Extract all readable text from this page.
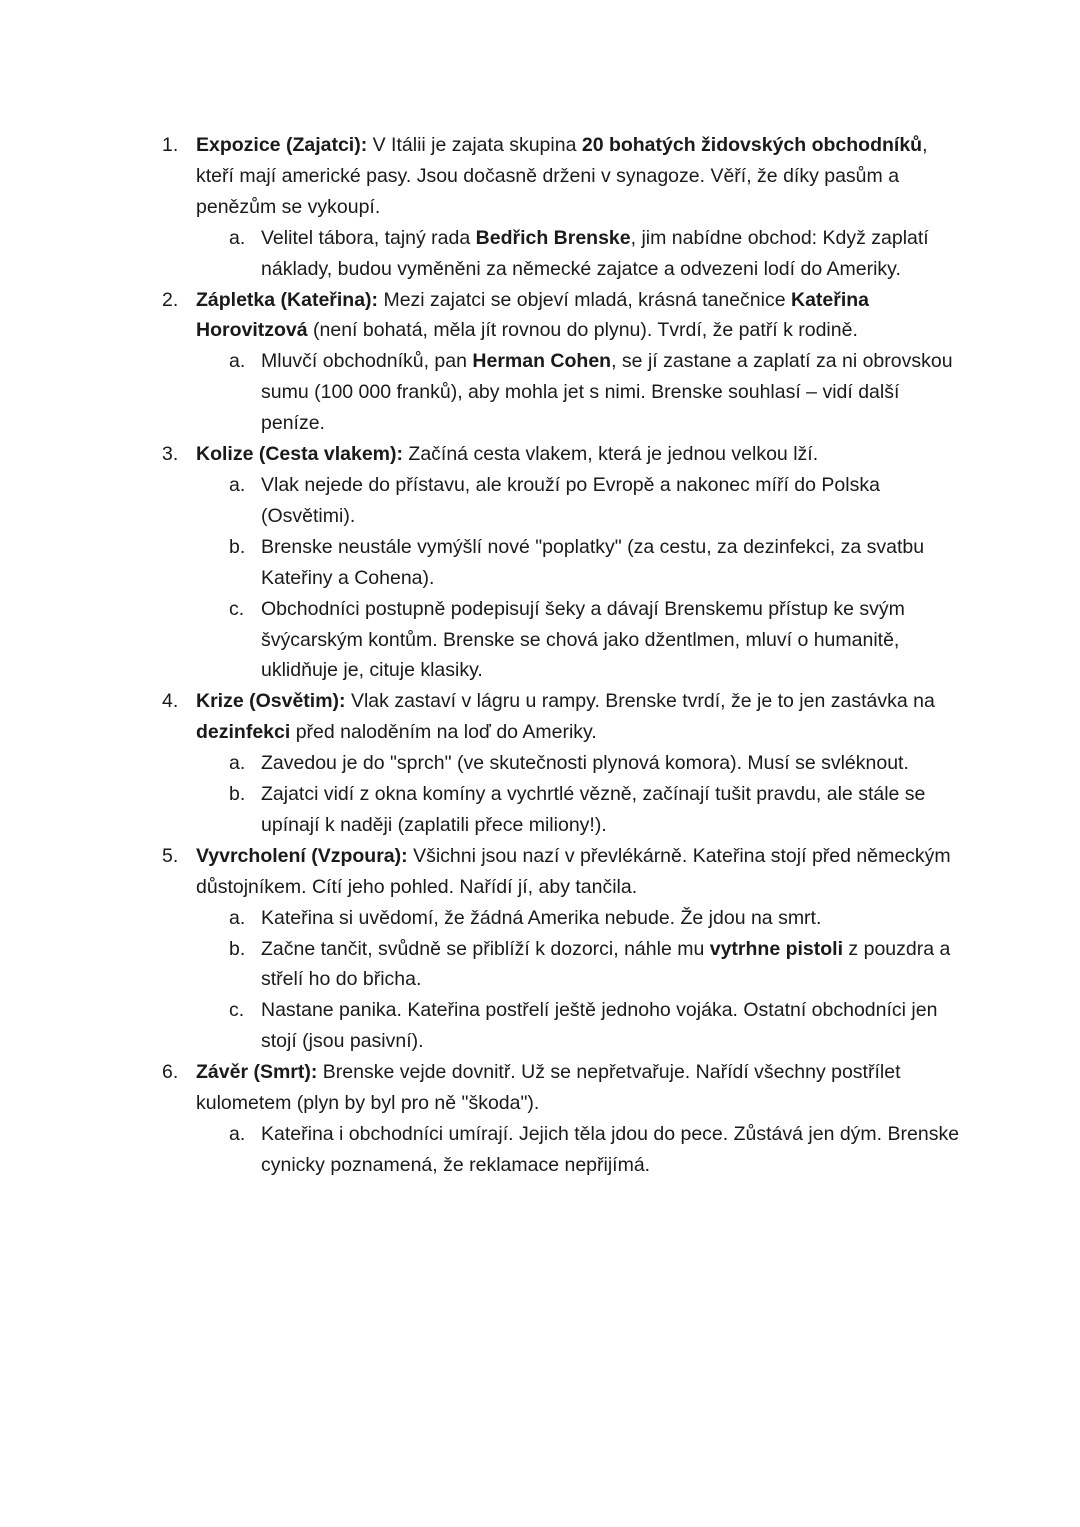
1. Expozice (Zajatci): V Itálii je zajata skupina 20 bohatých židovských obchodníků, kteří mají americké pasy. Jsou dočasně drženi v synagoze. Věří, že díky pasům a penězům se vykoupí.
a. Velitel tábora, tajný rada Bedřich Brenske, jim nabídne obchod: Když zaplatí náklady, budou vyměněni za německé zajatce a odvezeni lodí do Ameriky.
2. Zápletka (Kateřina): Mezi zajatci se objeví mladá, krásná tanečnice Kateřina Horovitzová (není bohatá, měla jít rovnou do plynu). Tvrdí, že patří k rodině.
a. Mluvčí obchodníků, pan Herman Cohen, se jí zastane a zaplatí za ni obrovskou sumu (100 000 franků), aby mohla jet s nimi. Brenske souhlasí – vidí další peníze.
3. Kolize (Cesta vlakem): Začíná cesta vlakem, která je jednou velkou lží.
a. Vlak nejede do přístavu, ale krouží po Evropě a nakonec míří do Polska (Osvětimi).
b. Brenske neustále vymýšlí nové "poplatky" (za cestu, za dezinfekci, za svatbu Kateřiny a Cohena).
c. Obchodníci postupně podepisují šeky a dávají Brenskemu přístup ke svým švýcarským kontům. Brenske se chová jako džentlmen, mluví o humanitě, uklidňuje je, cituje klasiky.
4. Krize (Osvětim): Vlak zastaví v lágru u rampy. Brenske tvrdí, že je to jen zastávka na dezinfekci před naloděním na loď do Ameriky.
a. Zavedou je do "sprch" (ve skutečnosti plynová komora). Musí se svléknout.
b. Zajatci vidí z okna komíny a vychrtlé vězně, začínají tušit pravdu, ale stále se upínají k naději (zaplatili přece miliony!).
5. Vyvrcholení (Vzpoura): Všichni jsou nazí v převlékárně. Kateřina stojí před německým důstojníkem. Cítí jeho pohled. Nařídí jí, aby tančila.
a. Kateřina si uvědomí, že žádná Amerika nebude. Že jdou na smrt.
b. Začne tančit, svůdně se přiblíží k dozorci, náhle mu vytrhne pistoli z pouzdra a střelí ho do břicha.
c. Nastane panika. Kateřina postřelí ještě jednoho vojáka. Ostatní obchodníci jen stojí (jsou pasivní).
6. Závěr (Smrt): Brenske vejde dovnitř. Už se nepřetvařuje. Nařídí všechny postřílet kulometem (plyn by byl pro ně "škoda").
a. Kateřina i obchodníci umírají. Jejich těla jdou do pece. Zůstává jen dým. Brenske cynicky poznamená, že reklamace nepřijímá.
